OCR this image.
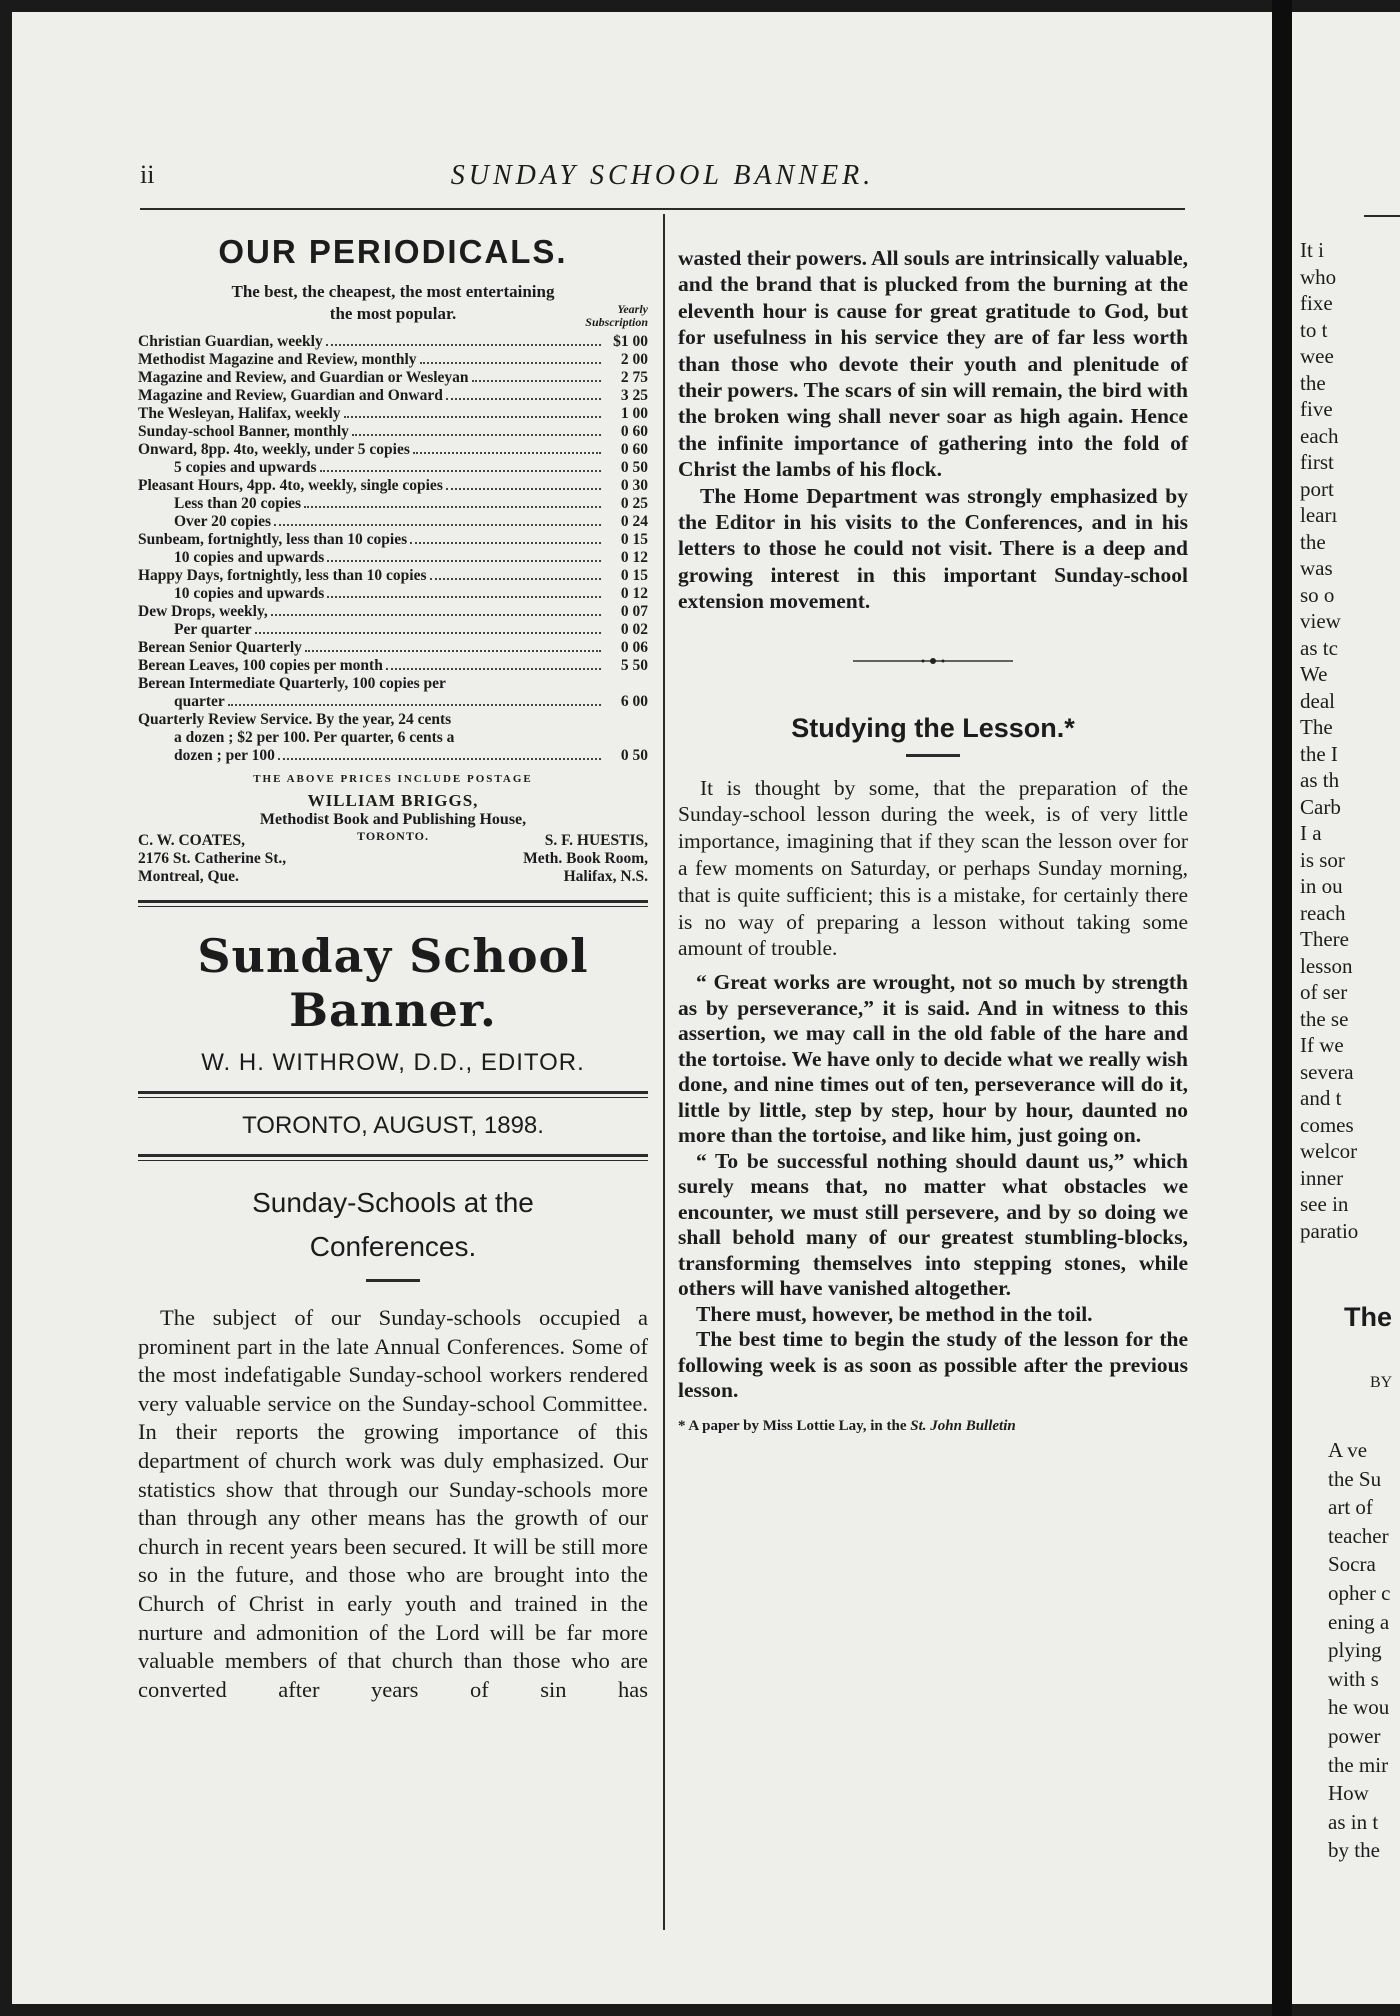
ii	SUNDAY SCHOOL BANNER.
OUR PERIODICALS.
The best, the cheapest, the most entertaining
the most popular.	Yearly
Subscription
Christian Guardian, weekly	$1 00
Methodist Magazine and Review, monthly	2 00
Magazine and Review, and Guardian or Wesleyan	2 75
Magazine and Review, Guardian and Onward	3 25
The Wesleyan, Halifax, weekly	1 00
Sunday-school Banner, monthly	0 60
Onward, 8pp. 4to, weekly, under 5 copies	0 60
5 copies and upwards	0 50
Pleasant Hours, 4pp. 4to, weekly, single copies	0 30
Less than 20 copies	0 25
Over 20 copies	0 24
Sunbeam, fortnightly, less than 10 copies	0 15
10 copies and upwards	0 12
Happy Days, fortnightly, less than 10 copies	0 15
10 copies and upwards	0 12
Dew Drops, weekly,	0 07
Per quarter	0 02
Berean Senior Quarterly	0 06
Berean Leaves, 100 copies per month	5 50
Berean Intermediate Quarterly, 100 copies per
quarter	6 00
Quarterly Review Service. By the year, 24 cents
a dozen ; $2 per 100. Per quarter, 6 cents a
dozen ; per 100	0 50
THE ABOVE PRICES INCLUDE POSTAGE
WILLIAM BRIGGS,
Methodist Book and Publishing House,
TORONTO.
C. W. COATES,
2176 St. Catherine St.,
Montreal, Que.
S. F. HUESTIS,
Meth. Book Room,
Halifax, N.S.
Sunday School Banner.
W. H. WITHROW, D.D., EDITOR.
TORONTO, AUGUST, 1898.
Sunday-Schools at the
Conferences.

The subject of our Sunday-schools occupied a prominent part in the late Annual Conferences. Some of the most indefatigable Sunday-school workers rendered very valuable service on the Sunday-school Committee. In their reports the growing importance of this department of church work was duly emphasized. Our statistics show that through our Sunday-schools more than through any other means has the growth of our church in recent years been secured. It will be still more so in the future, and those who are brought into the Church of Christ in early youth and trained in the nurture and admonition of the Lord will be far more valuable members of that church than those who are converted after years of sin has

wasted their powers. All souls are intrinsically valuable, and the brand that is plucked from the burning at the eleventh hour is cause for great gratitude to God, but for usefulness in his service they are of far less worth than those who devote their youth and plenitude of their powers. The scars of sin will remain, the bird with the broken wing shall never soar as high again. Hence the infinite importance of gathering into the fold of Christ the lambs of his flock.

The Home Department was strongly emphasized by the Editor in his visits to the Conferences, and in his letters to those he could not visit. There is a deep and growing interest in this important Sunday-school extension movement.

Studying the Lesson.*

It is thought by some, that the preparation of the Sunday-school lesson during the week, is of very little importance, imagining that if they scan the lesson over for a few moments on Saturday, or perhaps Sunday morning, that is quite sufficient; this is a mistake, for certainly there is no way of preparing a lesson without taking some amount of trouble.

“ Great works are wrought, not so much by strength as by perseverance,” it is said. And in witness to this assertion, we may call in the old fable of the hare and the tortoise. We have only to decide what we really wish done, and nine times out of ten, perseverance will do it, little by little, step by step, hour by hour, daunted no more than the tortoise, and like him, just going on.

“ To be successful nothing should daunt us,” which surely means that, no matter what obstacles we encounter, we must still persevere, and by so doing we shall behold many of our greatest stumbling-blocks, transforming themselves into stepping stones, while others will have vanished altogether.

There must, however, be method in the toil.

The best time to begin the study of the lesson for the following week is as soon as possible after the previous lesson.

* A paper by Miss Lottie Lay, in the St. John Bulletin
It i
who
fixe
to t
wee
the
five
each
first
port
learı
the
was
so o
view
as tc
We
deal
The
the I
as th
Carb
I a
is sor
in ou
reach
There
lesson
of ser
the se
If we
severa
and t
comes
welcor
inner
see in
paratio
The
BY
A ve
the Su
art of
teacher
Socra
opher c
ening a
plying
with s
he wou
power
the mir
How
as in t
by the
